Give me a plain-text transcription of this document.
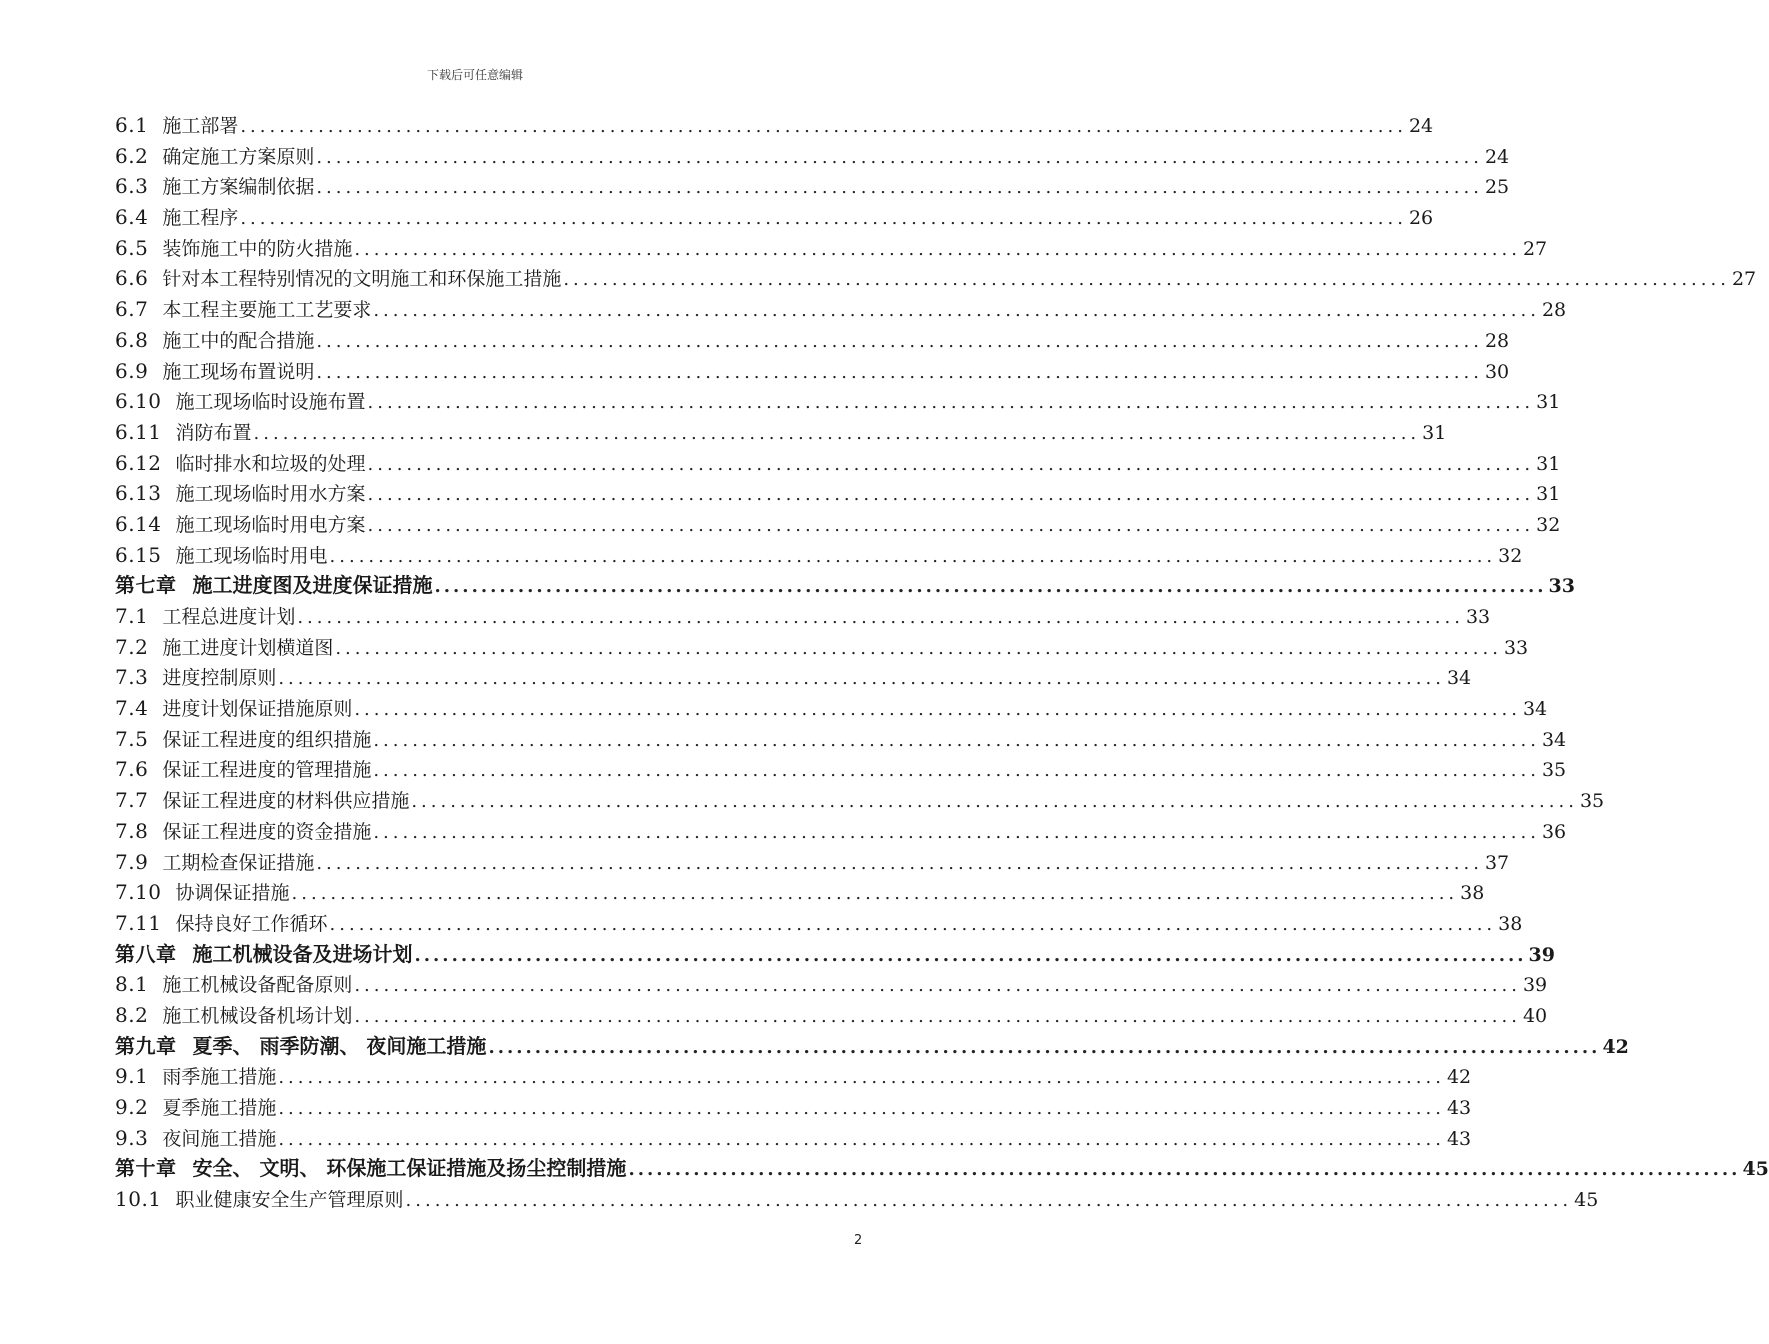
下载后可任意编辑
6.1 施工部署 ........................................................................................................................ 24
6.2 确定施工方案原则 ........................................................................................................................ 24
6.3 施工方案编制依据 ........................................................................................................................ 25
6.4 施工程序 ........................................................................................................................ 26
6.5 装饰施工中的防火措施 ........................................................................................................................ 27
6.6 针对本工程特别情况的文明施工和环保施工措施 ........................................................................................................................ 27
6.7 本工程主要施工工艺要求 ........................................................................................................................ 28
6.8 施工中的配合措施 ........................................................................................................................ 28
6.9 施工现场布置说明 ........................................................................................................................ 30
6.10 施工现场临时设施布置 ........................................................................................................................ 31
6.11 消防布置 ........................................................................................................................ 31
6.12 临时排水和垃圾的处理 ........................................................................................................................ 31
6.13 施工现场临时用水方案 ........................................................................................................................ 31
6.14 施工现场临时用电方案 ........................................................................................................................ 32
6.15 施工现场临时用电 ........................................................................................................................ 32
第七章 施工进度图及进度保证措施 ........................................................................................................................ 33
7.1 工程总进度计划 ........................................................................................................................ 33
7.2 施工进度计划横道图 ........................................................................................................................ 33
7.3 进度控制原则 ........................................................................................................................ 34
7.4 进度计划保证措施原则 ........................................................................................................................ 34
7.5 保证工程进度的组织措施 ........................................................................................................................ 34
7.6 保证工程进度的管理措施 ........................................................................................................................ 35
7.7 保证工程进度的材料供应措施 ........................................................................................................................ 35
7.8 保证工程进度的资金措施 ........................................................................................................................ 36
7.9 工期检查保证措施 ........................................................................................................................ 37
7.10 协调保证措施 ........................................................................................................................ 38
7.11 保持良好工作循环 ........................................................................................................................ 38
第八章 施工机械设备及进场计划 ........................................................................................................................ 39
8.1 施工机械设备配备原则 ........................................................................................................................ 39
8.2 施工机械设备机场计划 ........................................................................................................................ 40
第九章 夏季、 雨季防潮、 夜间施工措施 ........................................................................................................................ 42
9.1 雨季施工措施 ........................................................................................................................ 42
9.2 夏季施工措施 ........................................................................................................................ 43
9.3 夜间施工措施 ........................................................................................................................ 43
第十章 安全、 文明、 环保施工保证措施及扬尘控制措施 ........................................................................................................................ 45
10.1 职业健康安全生产管理原则 ........................................................................................................................ 45
2
